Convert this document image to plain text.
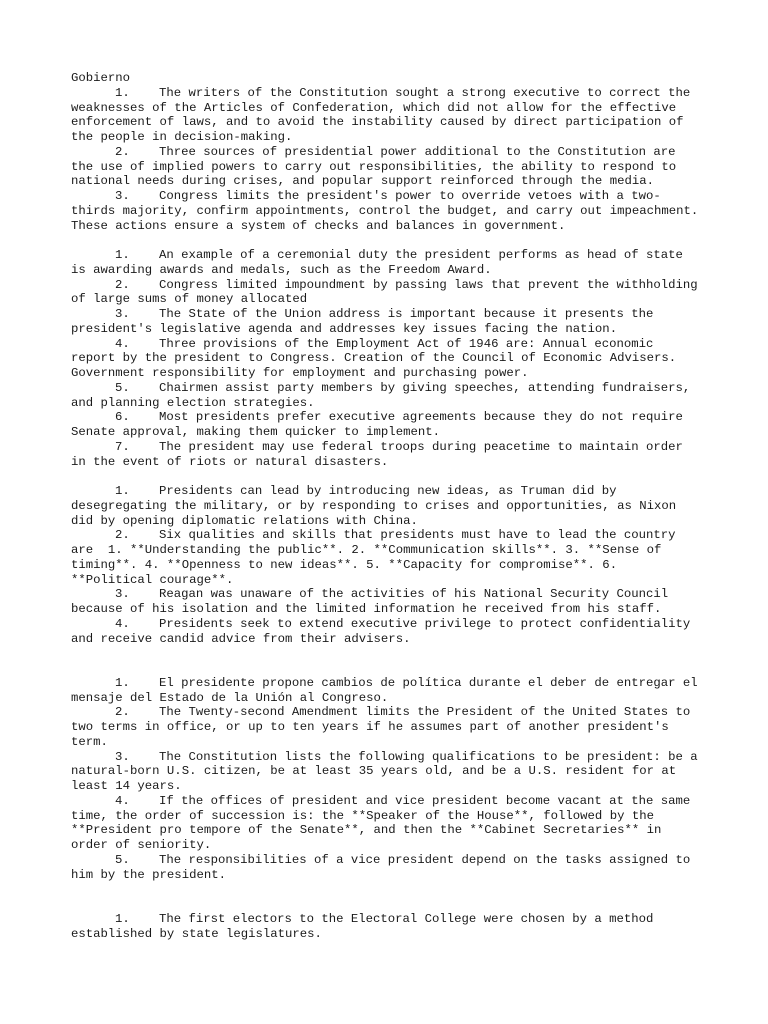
Gobierno

1. The writers of the Constitution sought a strong executive to correct the weaknesses of the Articles of Confederation, which did not allow for the effective enforcement of laws, and to avoid the instability caused by direct participation of the people in decision-making.

2. Three sources of presidential power additional to the Constitution are the use of implied powers to carry out responsibilities, the ability to respond to national needs during crises, and popular support reinforced through the media.

3. Congress limits the president's power to override vetoes with a two-thirds majority, confirm appointments, control the budget, and carry out impeachment. These actions ensure a system of checks and balances in government.

1. An example of a ceremonial duty the president performs as head of state is awarding awards and medals, such as the Freedom Award.

2. Congress limited impoundment by passing laws that prevent the withholding of large sums of money allocated

3. The State of the Union address is important because it presents the president's legislative agenda and addresses key issues facing the nation.

4. Three provisions of the Employment Act of 1946 are: Annual economic report by the president to Congress. Creation of the Council of Economic Advisers. Government responsibility for employment and purchasing power.

5. Chairmen assist party members by giving speeches, attending fundraisers, and planning election strategies.

6. Most presidents prefer executive agreements because they do not require Senate approval, making them quicker to implement.

7. The president may use federal troops during peacetime to maintain order in the event of riots or natural disasters.

1. Presidents can lead by introducing new ideas, as Truman did by desegregating the military, or by responding to crises and opportunities, as Nixon did by opening diplomatic relations with China.

2. Six qualities and skills that presidents must have to lead the country are  1. **Understanding the public**. 2. **Communication skills**. 3. **Sense of timing**. 4. **Openness to new ideas**. 5. **Capacity for compromise**. 6. **Political courage**.

3. Reagan was unaware of the activities of his National Security Council because of his isolation and the limited information he received from his staff.

4. Presidents seek to extend executive privilege to protect confidentiality and receive candid advice from their advisers.

1. El presidente propone cambios de política durante el deber de entregar el mensaje del Estado de la Unión al Congreso.

2. The Twenty-second Amendment limits the President of the United States to two terms in office, or up to ten years if he assumes part of another president's term.

3. The Constitution lists the following qualifications to be president: be a natural-born U.S. citizen, be at least 35 years old, and be a U.S. resident for at least 14 years.

4. If the offices of president and vice president become vacant at the same time, the order of succession is: the **Speaker of the House**, followed by the **President pro tempore of the Senate**, and then the **Cabinet Secretaries** in order of seniority.

5. The responsibilities of a vice president depend on the tasks assigned to him by the president.

1. The first electors to the Electoral College were chosen by a method established by state legislatures.
